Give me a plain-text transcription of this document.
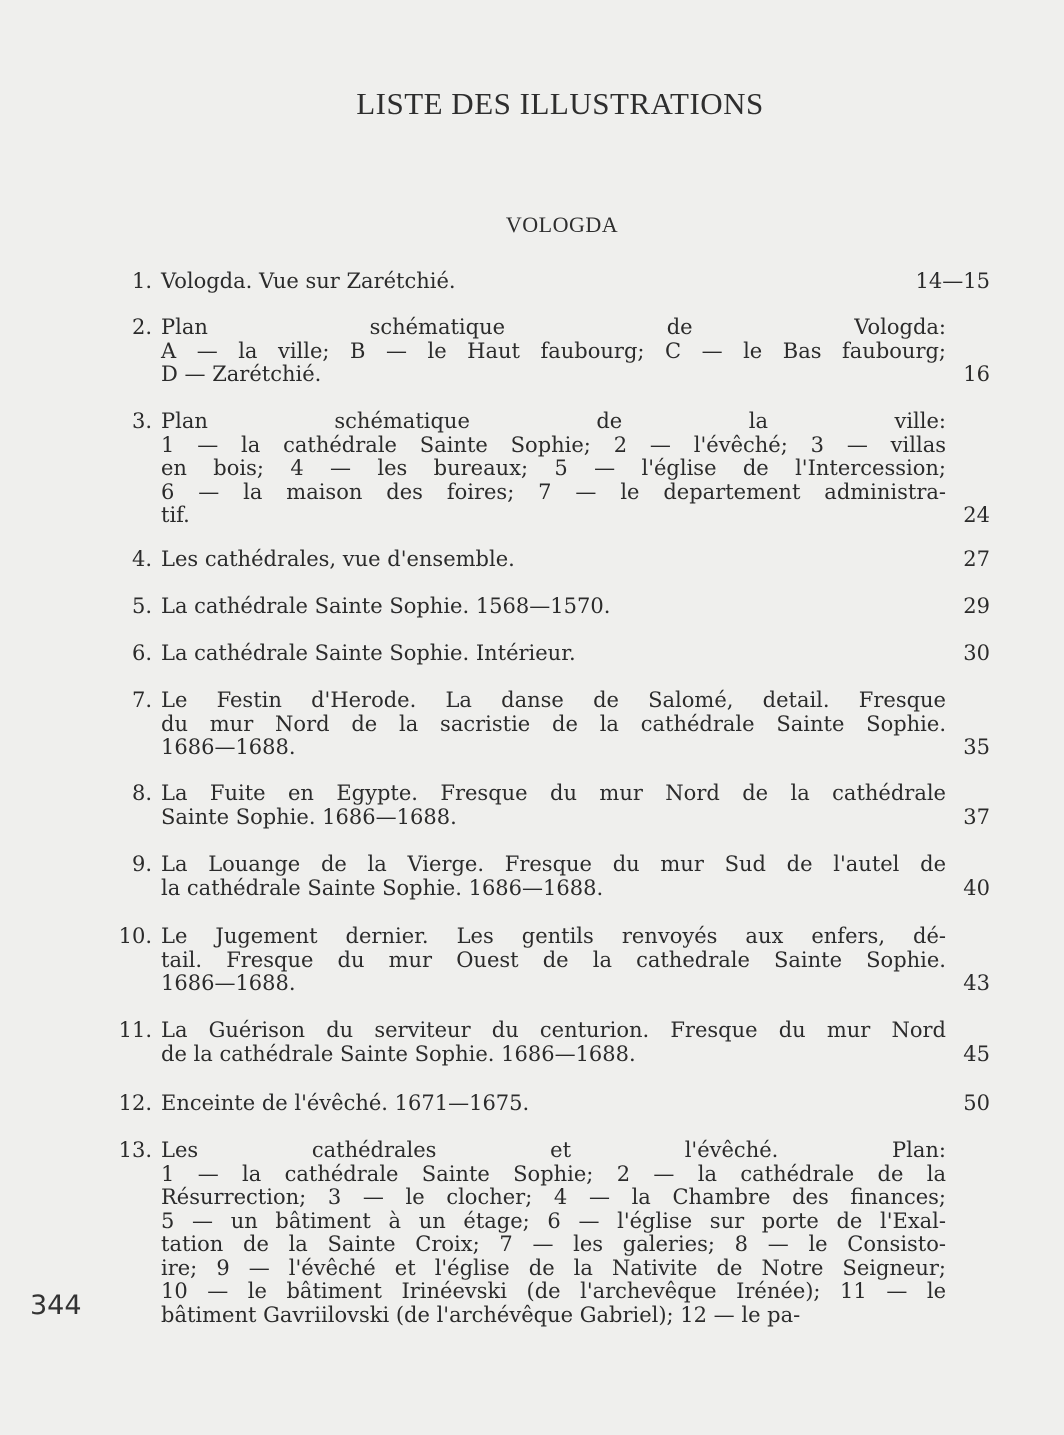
LISTE DES ILLUSTRATIONS
VOLOGDA
1. Vologda. Vue sur Zarétchié.	14—15
2. Plan schématique de Vologda:
A — la ville; B — le Haut faubourg; C — le Bas faubourg;
D — Zarétchié.	16
3. Plan schématique de la ville:
1 — la cathédrale Sainte Sophie; 2 — l'évêché; 3 — villas
en bois; 4 — les bureaux; 5 — l'église de l'Intercession;
6 — la maison des foires; 7 — le departement administra-
tif.	24
4. Les cathédrales, vue d'ensemble.	27
5. La cathédrale Sainte Sophie. 1568—1570.	29
6. La cathédrale Sainte Sophie. Intérieur.	30
7. Le Festin d'Herode. La danse de Salomé, detail. Fresque
du mur Nord de la sacristie de la cathédrale Sainte Sophie.
1686—1688.	35
8. La Fuite en Egypte. Fresque du mur Nord de la cathédrale
Sainte Sophie. 1686—1688.	37
9. La Louange de la Vierge. Fresque du mur Sud de l'autel de
la cathédrale Sainte Sophie. 1686—1688.	40
10. Le Jugement dernier. Les gentils renvoyés aux enfers, dé-
tail. Fresque du mur Ouest de la cathedrale Sainte Sophie.
1686—1688.	43
11. La Guérison du serviteur du centurion. Fresque du mur Nord
de la cathédrale Sainte Sophie. 1686—1688.	45
12. Enceinte de l'évêché. 1671—1675.	50
13. Les cathédrales et l'évêché. Plan:
1 — la cathédrale Sainte Sophie; 2 — la cathédrale de la
Résurrection; 3 — le clocher; 4 — la Chambre des finances;
5 — un bâtiment à un étage; 6 — l'église sur porte de l'Exal-
tation de la Sainte Croix; 7 — les galeries; 8 — le Consisto-
ire; 9 — l'évêché et l'église de la Nativite de Notre Seigneur;
10 — le bâtiment Irinéevski (de l'archevêque Irénée); 11 — le
bâtiment Gavriilovski (de l'archévêque Gabriel); 12 — le pa-
344
